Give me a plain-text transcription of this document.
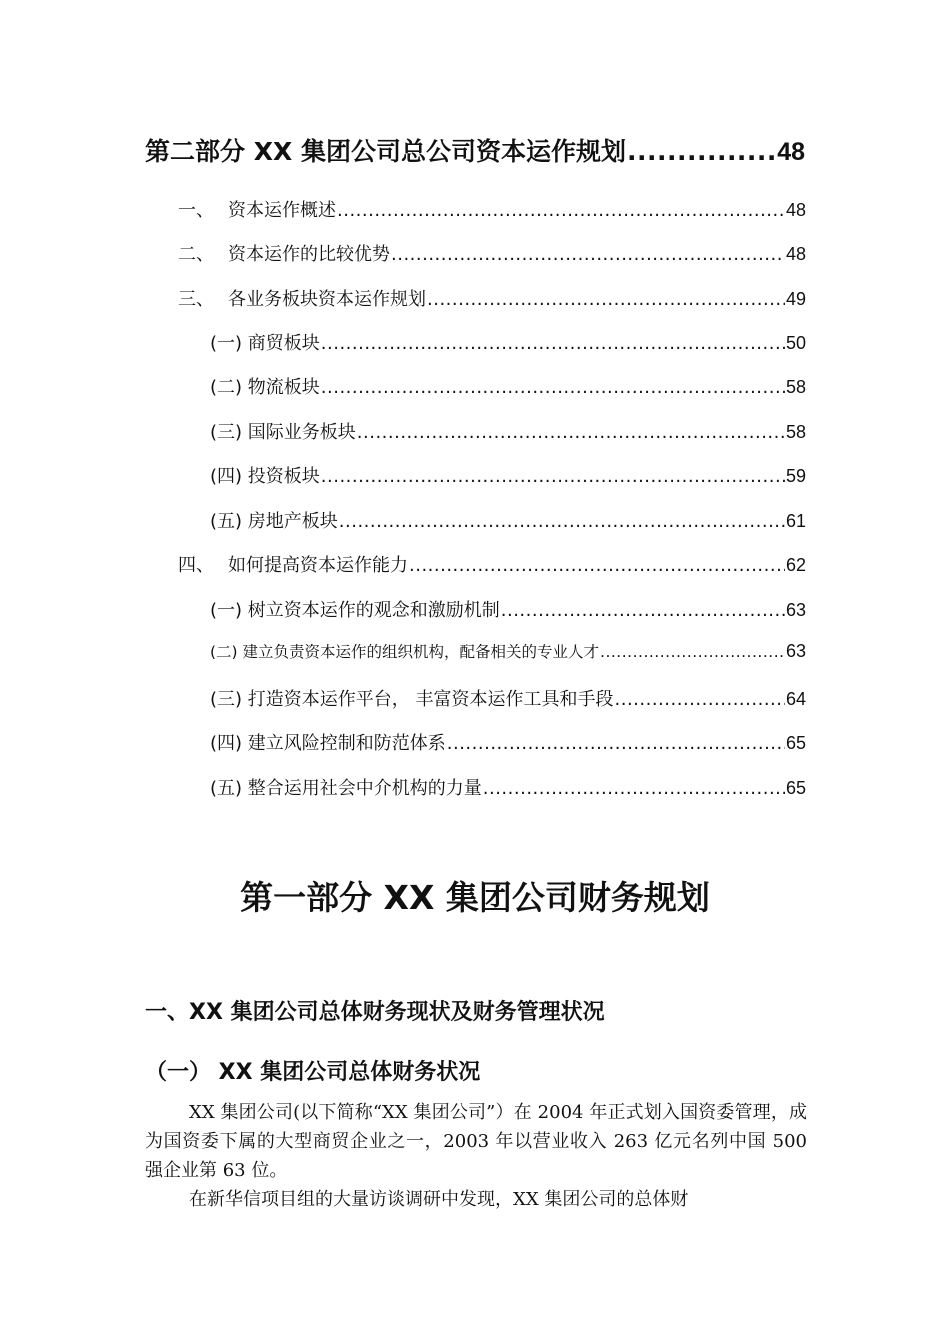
第二部分 XX 集团公司总公司资本运作规划 .....	48
一、 资本运作概述 .....	48
二、 资本运作的比较优势 .....	48
三、 各业务板块资本运作规划 .....	49
(一) 商贸板块 .....	50
(二) 物流板块 .....	58
(三) 国际业务板块 .....	58
(四) 投资板块 .....	59
(五) 房地产板块 .....	61
四、 如何提高资本运作能力 .....	62
(一) 树立资本运作的观念和激励机制 .....	63
(二) 建立负责资本运作的组织机构，配备相关的专业人才 .....	63
(三) 打造资本运作平台， 丰富资本运作工具和手段 .....	64
(四) 建立风险控制和防范体系 .....	65
(五) 整合运用社会中介机构的力量 .....	65
第一部分 XX 集团公司财务规划
一、XX 集团公司总体财务现状及财务管理状况
（一） XX 集团公司总体财务状况

XX 集团公司(以下简称“XX 集团公司”）在 2004 年正式划入国资委管理，成为国资委下属的大型商贸企业之一，2003 年以营业收入 263 亿元名列中国 500 强企业第 63 位。

在新华信项目组的大量访谈调研中发现，XX 集团公司的总体财
